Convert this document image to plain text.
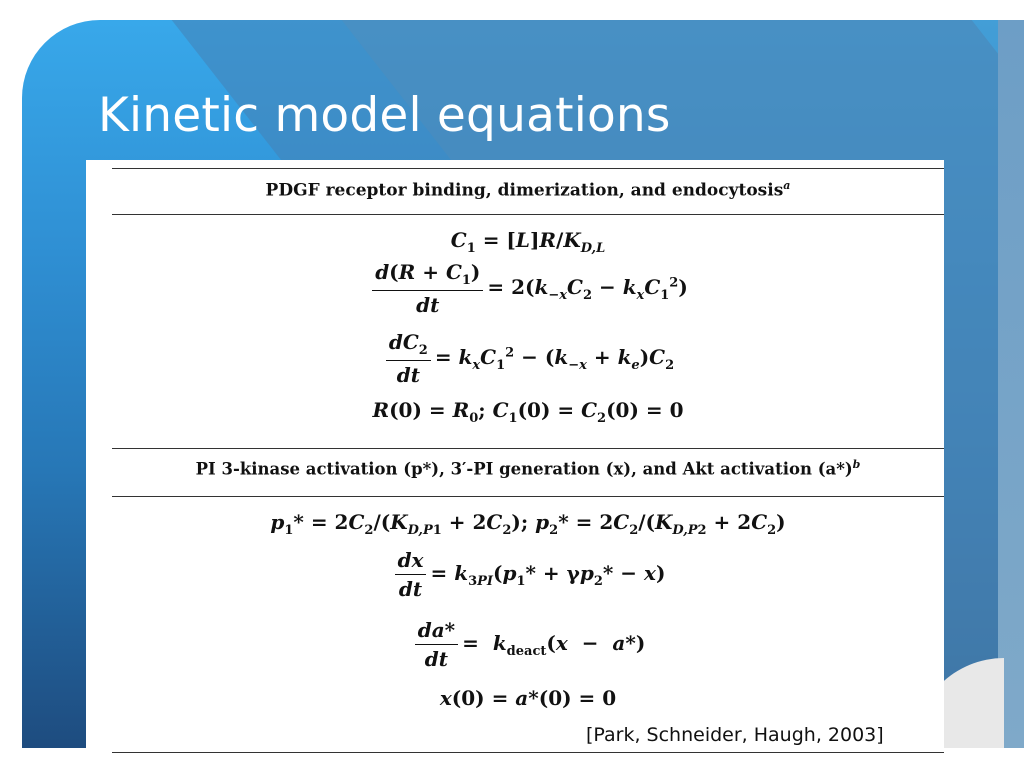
Kinetic model equations
PDGF receptor binding, dimerization, and endocytosis$^a$
$C_1 = [L]R/K_{D,L}$
$\frac{d(R + C_1)}{dt} = 2(k_{-x}C_2 - k_xC_1^2)$
$\frac{dC_2}{dt} = k_xC_1^2 - (k_{-x} + k_e)C_2$
$R(0) = R_0$; $C_1(0) = C_2(0) = 0$
PI 3-kinase activation (p*), 3′-PI generation (x), and Akt activation $(a*)^b$
$p_1* = 2C_2/(K_{D,P1} + 2C_2)$; $p_2* = 2C_2/(K_{D,P2} + 2C_2)$
$\frac{dx}{dt} = k_{3PI}(p_1* + \gamma p_2* - x)$
$\frac{da*}{dt} = k_{deact}(x - a*)$
x(0) = a*(0) = 0
[Park, Schneider, Haugh, 2003]
